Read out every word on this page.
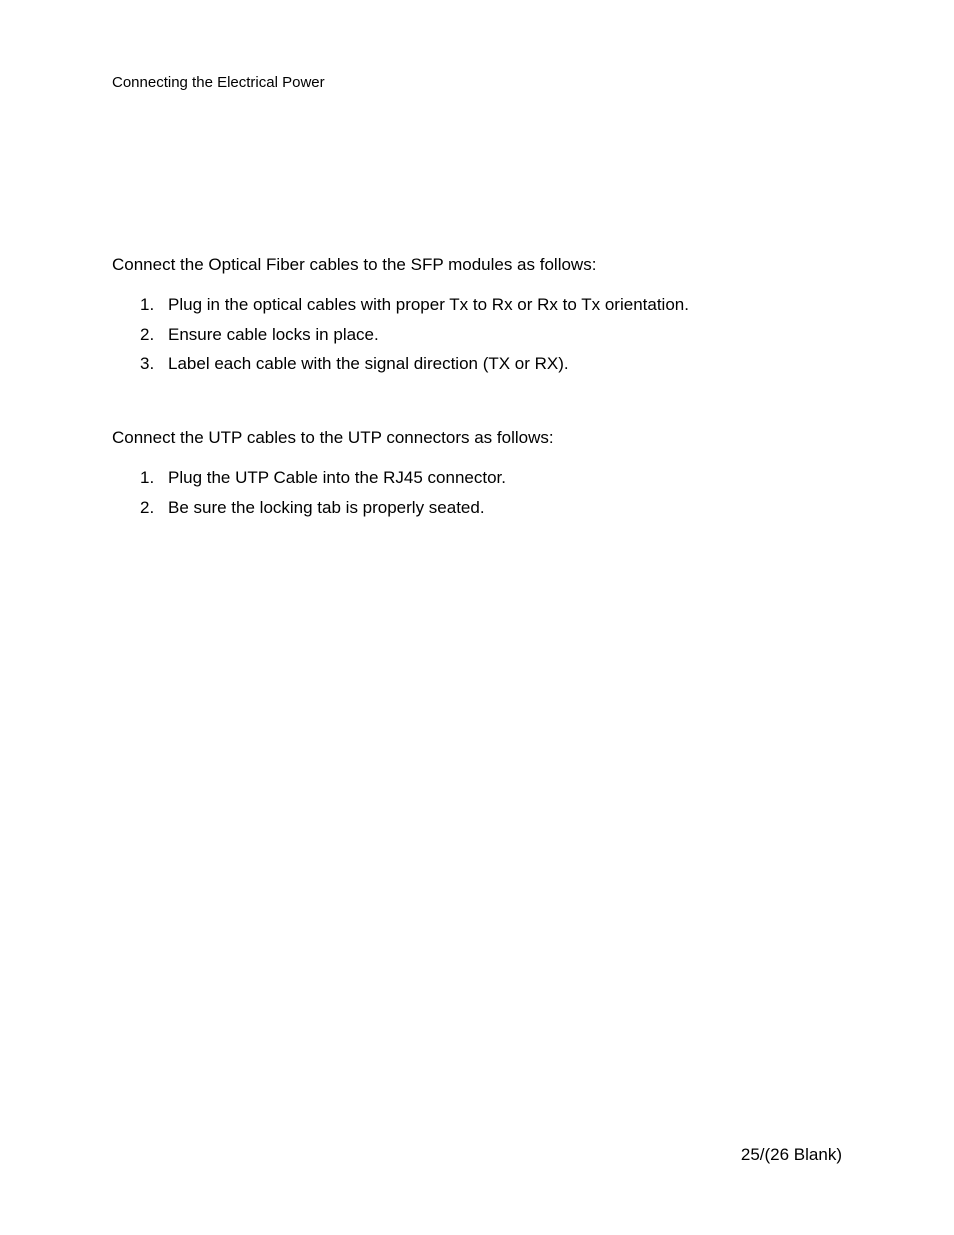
Connecting the Electrical Power

Connect the Optical Fiber cables to the SFP modules as follows:

1. Plug in the optical cables with proper Tx to Rx or Rx to Tx orientation.
2. Ensure cable locks in place.
3. Label each cable with the signal direction (TX or RX).

Connect the UTP cables to the UTP connectors as follows:

1. Plug the UTP Cable into the RJ45 connector.
2. Be sure the locking tab is properly seated.
25/(26 Blank)
